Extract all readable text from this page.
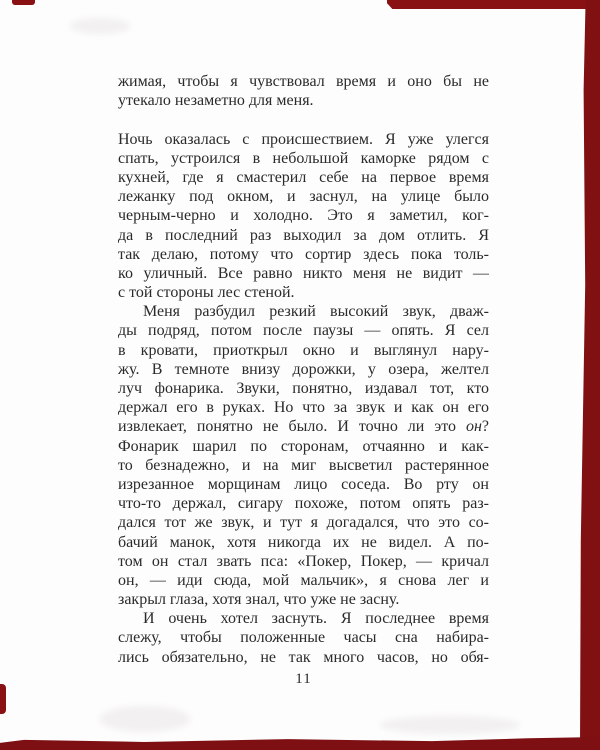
жимая, чтобы я чувствовал время и оно бы не
утекало незаметно для меня.

Ночь оказалась с происшествием. Я уже улегся
спать, устроился в небольшой каморке рядом с
кухней, где я смастерил себе на первое время
лежанку под окном, и заснул, на улице было
черным-черно и холодно. Это я заметил, ког-
да в последний раз выходил за дом отлить. Я
так делаю, потому что сортир здесь пока толь-
ко уличный. Все равно никто меня не видит —
с той стороны лес стеной.

Меня разбудил резкий высокий звук, дваж-
ды подряд, потом после паузы — опять. Я сел
в кровати, приоткрыл окно и выглянул нару-
жу. В темноте внизу дорожки, у озера, желтел
луч фонарика. Звуки, понятно, издавал тот, кто
держал его в руках. Но что за звук и как он его
извлекает, понятно не было. И точно ли это он?
Фонарик шарил по сторонам, отчаянно и как-
то безнадежно, и на миг высветил растерянное
изрезанное морщинам лицо соседа. Во рту он
что-то держал, сигару похоже, потом опять раз-
дался тот же звук, и тут я догадался, что это со-
бачий манок, хотя никогда их не видел. А по-
том он стал звать пса: «Покер, Покер, — кричал
он, — иди сюда, мой мальчик», я снова лег и
закрыл глаза, хотя знал, что уже не засну.

И очень хотел заснуть. Я последнее время
слежу, чтобы положенные часы сна набира-
лись обязательно, не так много часов, но обя-

11
